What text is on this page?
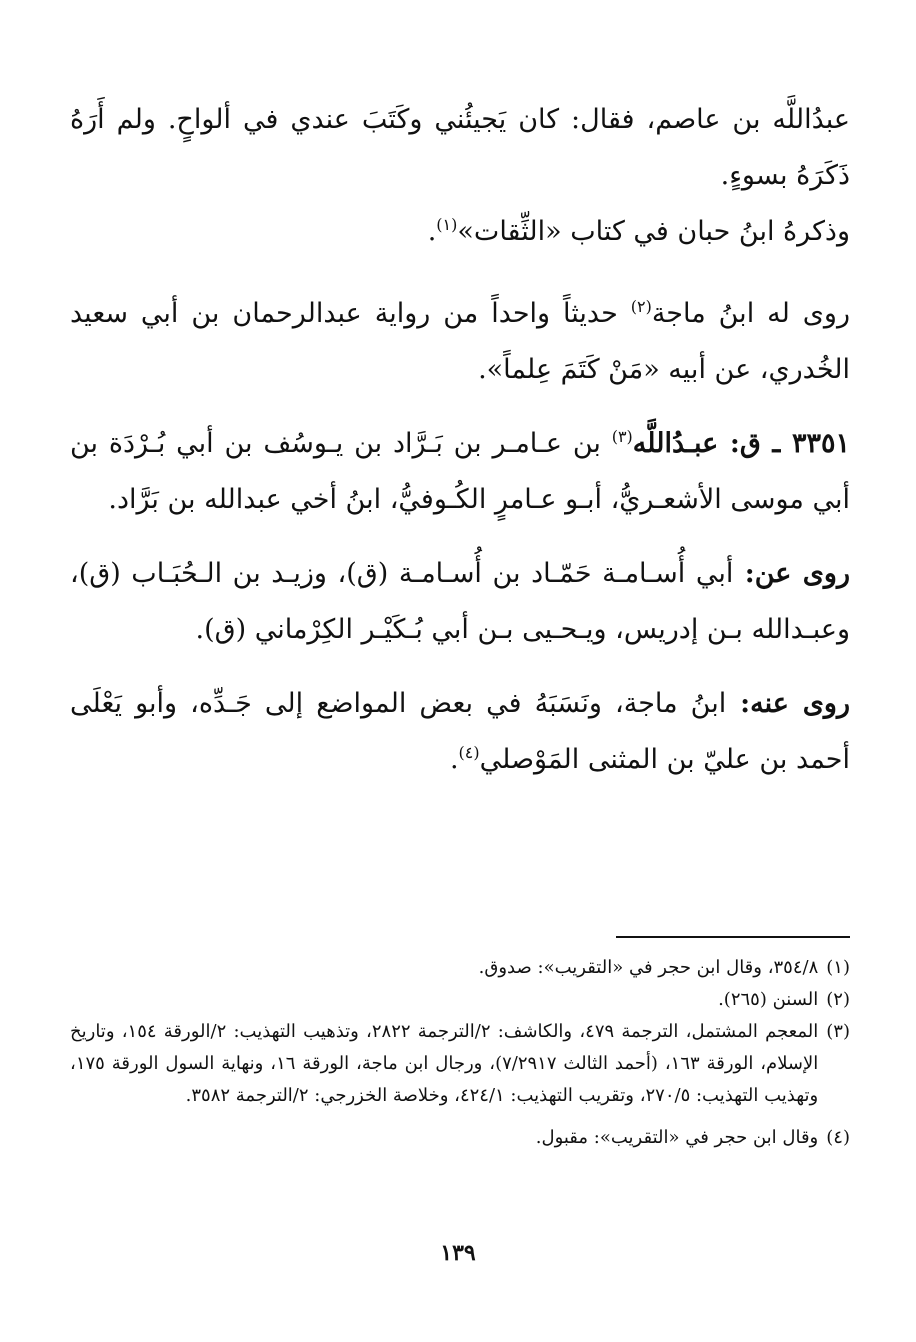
عبدُاللَّه بن عاصم، فقال: كان يَجيئُني وكَتَبَ عندي في ألواحٍ. ولم أَرَهُ ذَكَرَهُ بسوءٍ.

وذكرهُ ابنُ حبان في كتاب «الثِّقات»$^{(١)}$.

روى له ابنُ ماجة$^{(٢)}$ حديثاً واحداً من رواية عبدالرحمان بن أبي سعيد الخُدري، عن أبيه «مَنْ كَتَمَ عِلماً».

٣٣٥١ ـ ق: عبـدُاللَّه$^{(٣)}$ بن عـامـر بن بَـرَّاد بن يـوسُف بن أبي بُـرْدَة بن أبي موسى الأشعـريُّ، أبـو عـامرٍ الكُـوفيُّ، ابنُ أخي عبدالله بن بَرَّاد.

روى عن: أبي أُسـامـة حَمّـاد بن أُسـامـة (ق)، وزيـد بن الـحُبَـاب (ق)، وعبـدالله بـن إدريس، ويـحـيى بـن أبي بُـكَيْـر الكِرْماني (ق).

روى عنه: ابنُ ماجة، ونَسَبَهُ في بعض المواضع إلى جَـدِّه، وأبو يَعْلَى أحمد بن عليّ بن المثنى المَوْصلي$^{(٤)}$.

(١)
٣٥٤/٨، وقال ابن حجر في «التقريب»: صدوق.
(٢)
السنن (٢٦٥).
(٣)
المعجم المشتمل، الترجمة ٤٧٩، والكاشف: ٢/الترجمة ٢٨٢٢، وتذهيب التهذيب: ٢/الورقة ١٥٤، وتاريخ الإسلام، الورقة ١٦٣، (أحمد الثالث ٧/٢٩١٧)، ورجال ابن ماجة، الورقة ١٦، ونهاية السول الورقة ١٧٥، وتهذيب التهذيب: ٢٧٠/٥، وتقريب التهذيب: ٤٢٤/١، وخلاصة الخزرجي: ٢/الترجمة ٣٥٨٢.
(٤)
وقال ابن حجر في «التقريب»: مقبول.
١٣٩
